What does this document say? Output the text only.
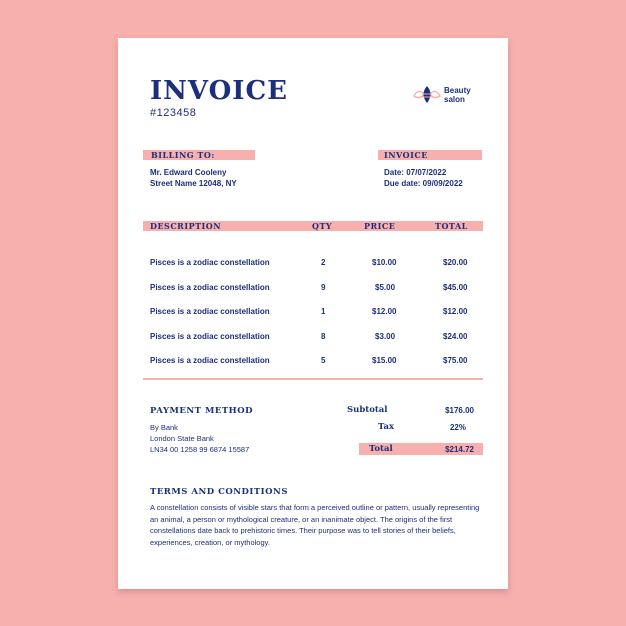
INVOICE
#123458
Beauty
salon
BILLING TO:
Mr. Edward Cooleny
Street Name 12048, NY
INVOICE
Date: 07/07/2022
Due date: 09/09/2022
DESCRIPTION	QTY	PRICE	TOTAL
Pisces is a zodiac constellation	2	$10.00	$20.00
Pisces is a zodiac constellation	9	$5.00	$45.00
Pisces is a zodiac constellation	1	$12.00	$12.00
Pisces is a zodiac constellation	8	$3.00	$24.00
Pisces is a zodiac constellation	5	$15.00	$75.00
PAYMENT METHOD
By Bank
London State Bank
LN34 00 1258 99 6874 15587
Subtotal	$176.00
Tax	22%
Total	$214.72
TERMS AND CONDITIONS
A constellation consists of visible stars that form a perceived outline or pattern, usually representing an animal, a person or mythological creature, or an inanimate object. The origins of the first constellations date back to prehistoric times. Their purpose was to tell stories of their beliefs, experiences, creation, or mythology.
